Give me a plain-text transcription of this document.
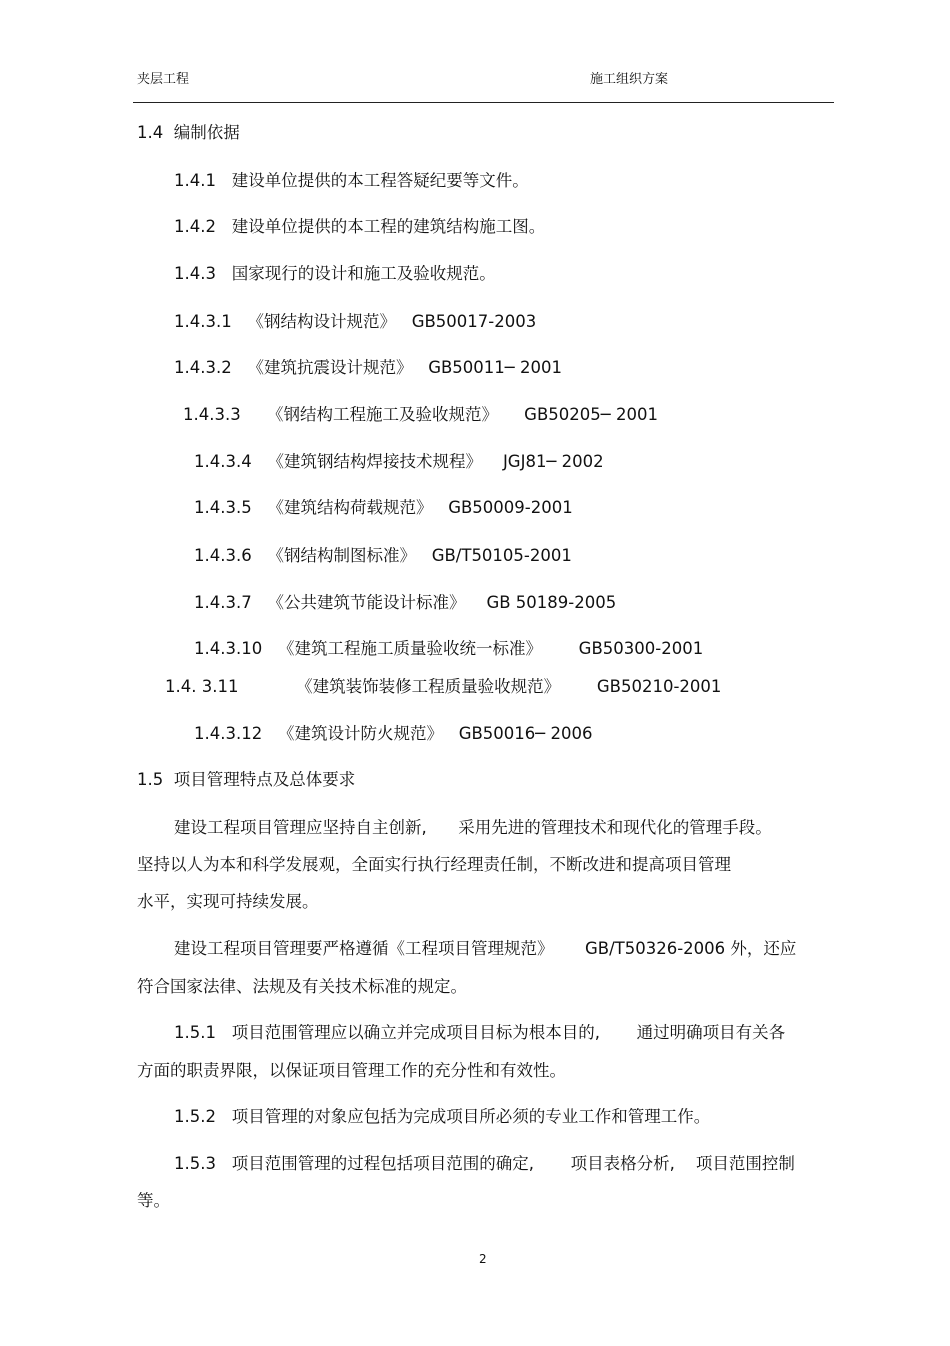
夹层工程	施工组织方案
1.4  编制依据
1.4.1   建设单位提供的本工程答疑纪要等文件。
1.4.2   建设单位提供的本工程的建筑结构施工图。
1.4.3   国家现行的设计和施工及验收规范。
1.4.3.1   《钢结构设计规范》   GB50017-2003
1.4.3.2   《建筑抗震设计规范》   GB50011─ 2001
1.4.3.3     《钢结构工程施工及验收规范》     GB50205─ 2001
1.4.3.4   《建筑钢结构焊接技术规程》    JGJ81─ 2002
1.4.3.5   《建筑结构荷载规范》   GB50009-2001
1.4.3.6   《钢结构制图标准》   GB/T50105-2001
1.4.3.7   《公共建筑节能设计标准》    GB 50189-2005
1.4.3.10   《建筑工程施工质量验收统一标准》       GB50300-2001
1.4. 3.11           《建筑装饰装修工程质量验收规范》       GB50210-2001
1.4.3.12   《建筑设计防火规范》   GB50016─ 2006
1.5  项目管理特点及总体要求
建设工程项目管理应坚持自主创新,      采用先进的管理技术和现代化的管理手段。
坚持以人为本和科学发展观，全面实行执行经理责任制，不断改进和提高项目管理
水平，实现可持续发展。
建设工程项目管理要严格遵循《工程项目管理规范》      GB/T50326-2006 外，还应
符合国家法律、法规及有关技术标准的规定。
1.5.1   项目范围管理应以确立并完成项目目标为根本目的,       通过明确项目有关各
方面的职责界限，以保证项目管理工作的充分性和有效性。
1.5.2   项目管理的对象应包括为完成项目所必须的专业工作和管理工作。
1.5.3   项目范围管理的过程包括项目范围的确定,       项目表格分析,    项目范围控制
等。
2
